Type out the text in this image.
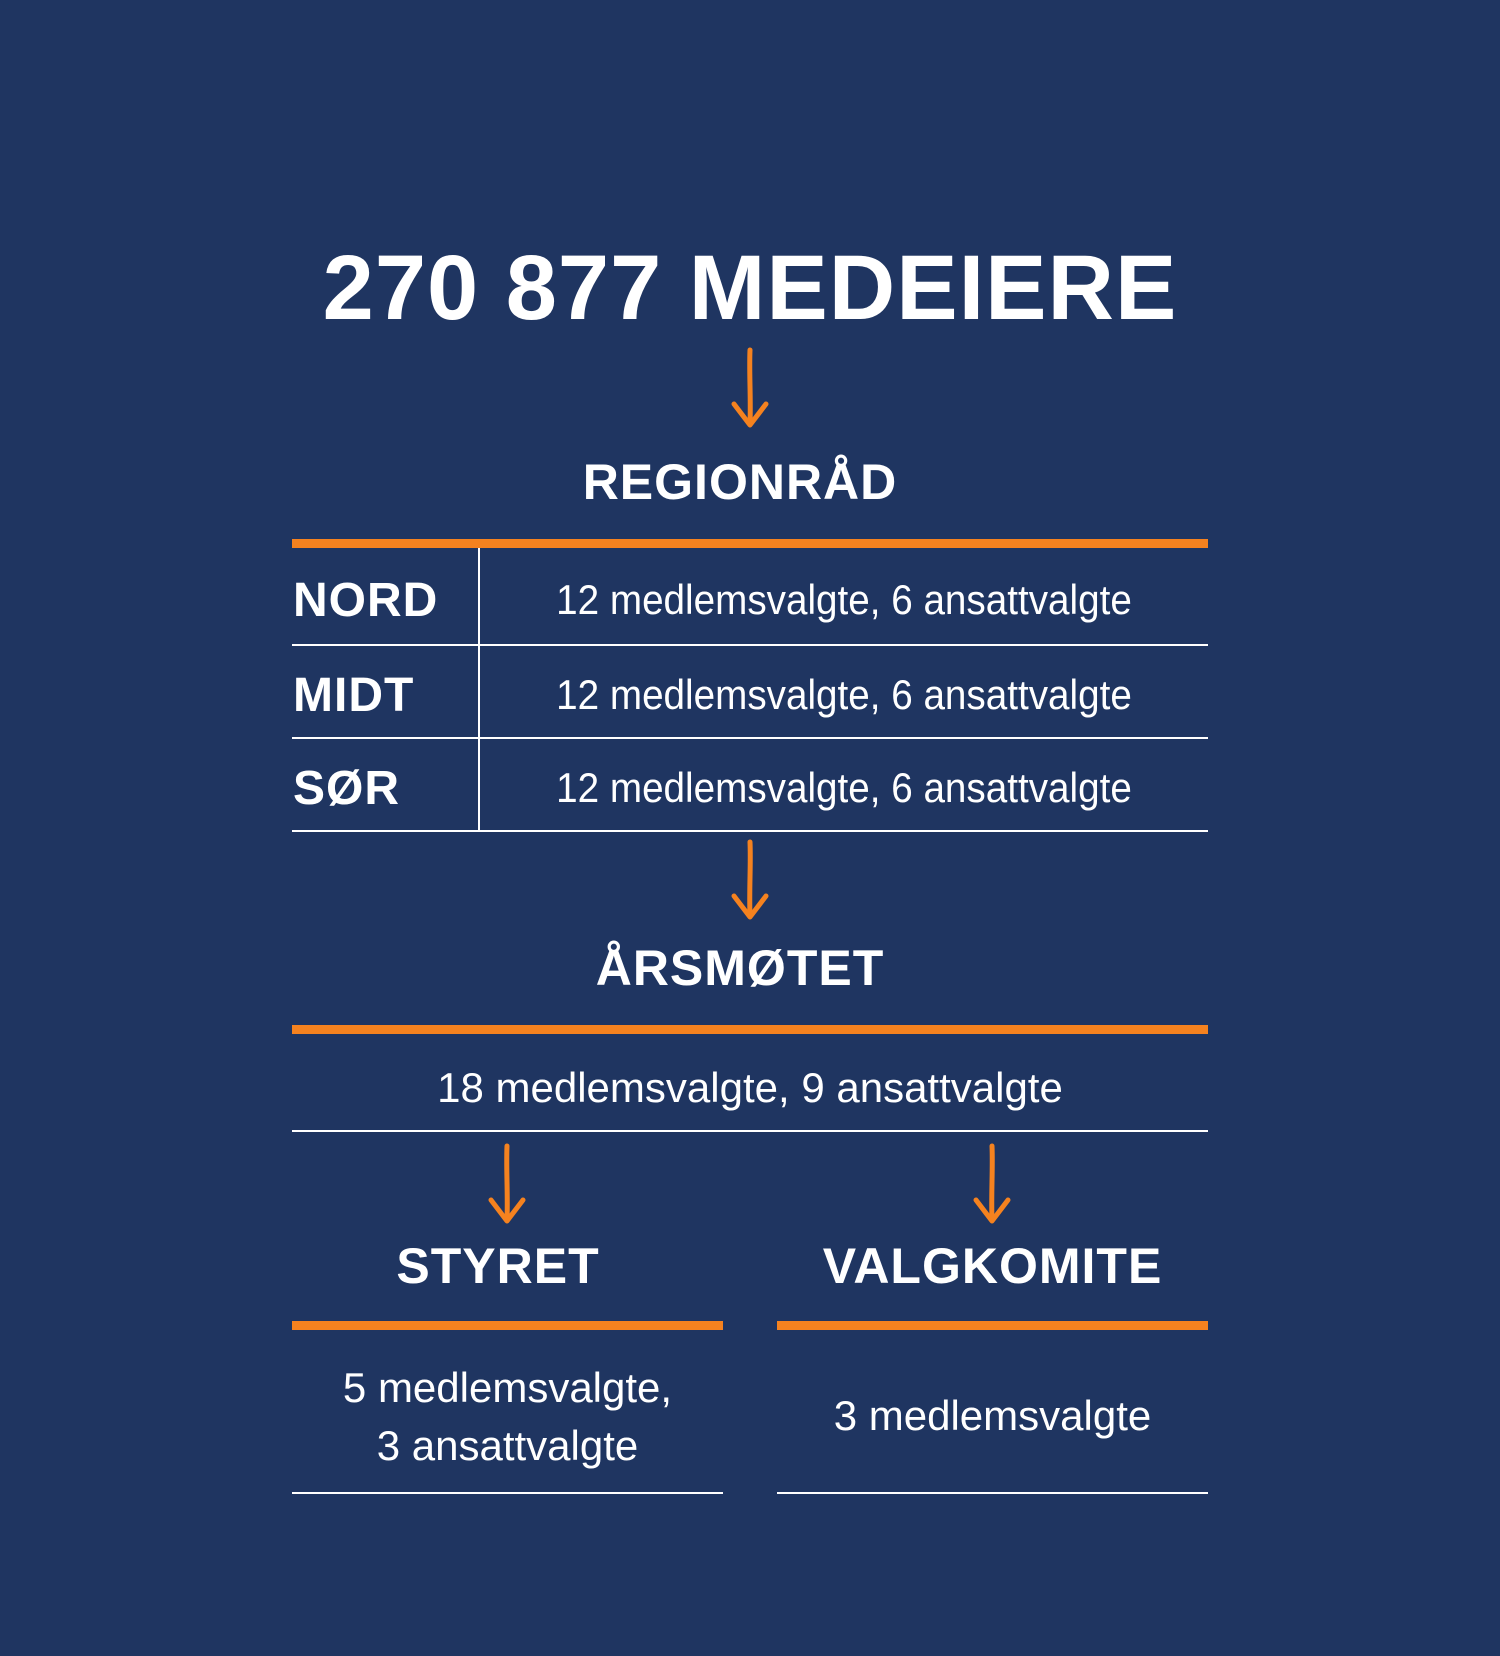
270 877 MEDEIERE
REGIONRÅD
NORD	12 medlemsvalgte, 6 ansattvalgte
MIDT	12 medlemsvalgte, 6 ansattvalgte
SØR	12 medlemsvalgte, 6 ansattvalgte
ÅRSMØTET
18 medlemsvalgte, 9 ansattvalgte
STYRET
5 medlemsvalgte,
3 ansattvalgte
VALGKOMITE
3 medlemsvalgte
